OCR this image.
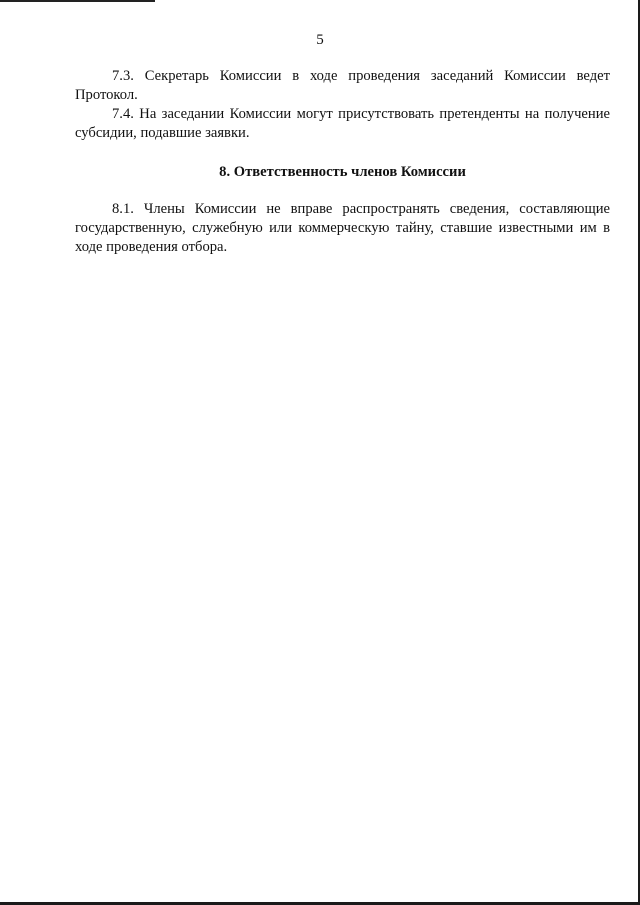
5

7.3. Секретарь Комиссии в ходе проведения заседаний Комиссии ведет Протокол.

7.4. На заседании Комиссии могут присутствовать претенденты на получение субсидии, подавшие заявки.

8. Ответственность членов Комиссии

8.1. Члены Комиссии не вправе распространять сведения, составляющие государственную, служебную или коммерческую тайну, ставшие известными им в ходе проведения отбора.
